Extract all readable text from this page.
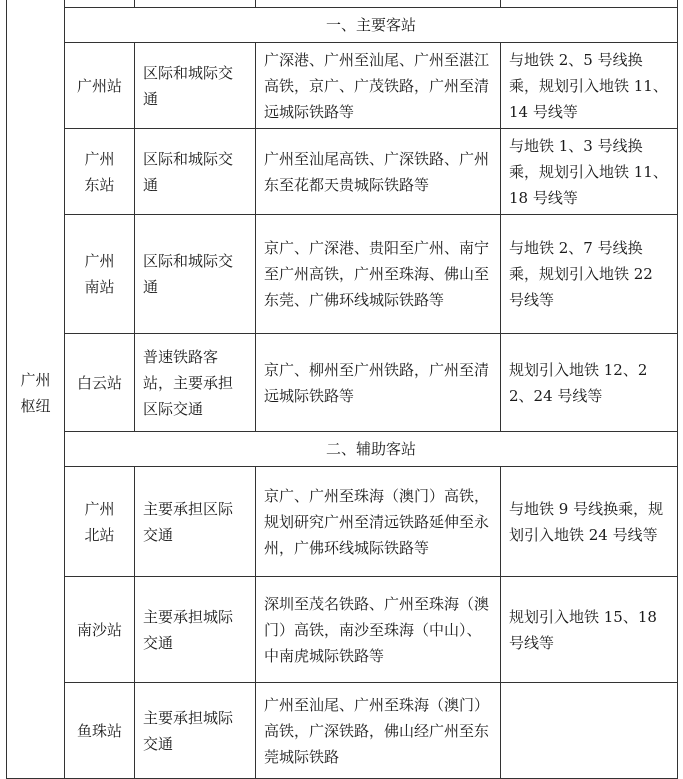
广州枢纽	一、主要客站			
	广州站	区际和城际交通	广深港、广州至汕尾、广州至湛江高铁，京广、广茂铁路，广州至清远城际铁路等	与地铁 2、5 号线换乘，规划引入地铁 11、14 号线等
	广州东站	区际和城际交通	广州至汕尾高铁、广深铁路、广州东至花都天贵城际铁路等	与地铁 1、3 号线换乘，规划引入地铁 11、18 号线等
	广州南站	区际和城际交通	京广、广深港、贵阳至广州、南宁至广州高铁，广州至珠海、佛山至东莞、广佛环线城际铁路等	与地铁 2、7 号线换乘，规划引入地铁 22 号线等
	白云站	普速铁路客站，主要承担区际交通	京广、柳州至广州铁路，广州至清远城际铁路等	规划引入地铁 12、22、24 号线等
	二、辅助客站			
	广州北站	主要承担区际交通	京广、广州至珠海（澳门）高铁，规划研究广州至清远铁路延伸至永州，广佛环线城际铁路等	与地铁 9 号线换乘，规划引入地铁 24 号线等
	南沙站	主要承担城际交通	深圳至茂名铁路、广州至珠海（澳门）高铁，南沙至珠海（中山）、中南虎城际铁路等	规划引入地铁 15、18 号线等
	鱼珠站	主要承担城际交通	广州至汕尾、广州至珠海（澳门）高铁，广深铁路，佛山经广州至东莞城际铁路	
